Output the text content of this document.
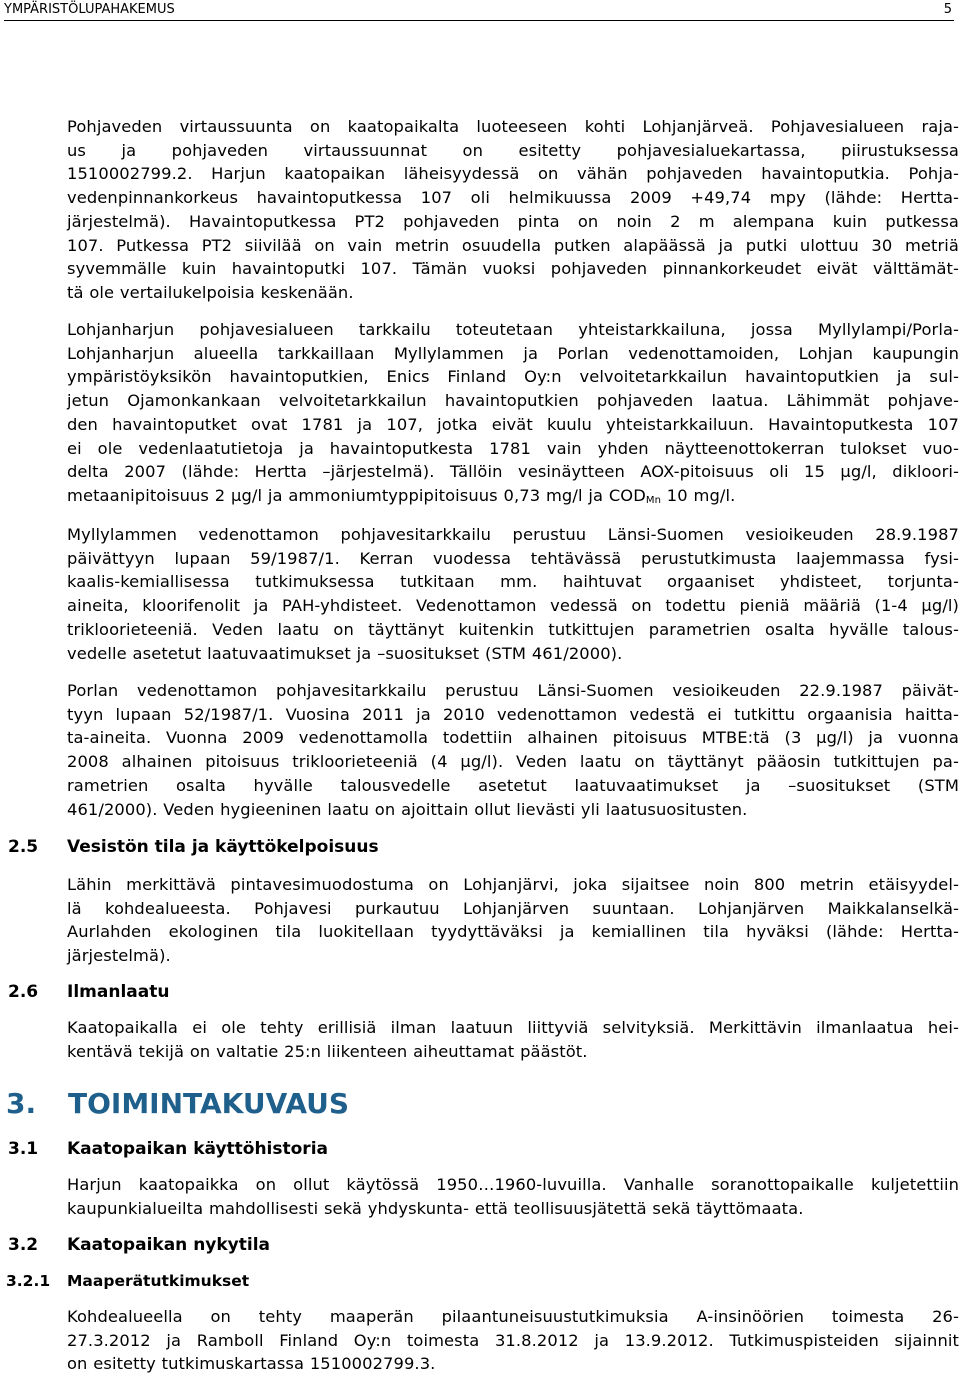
YMPÄRISTÖLUPAHAKEMUS	5
Pohjaveden virtaussuunta on kaatopaikalta luoteeseen kohti Lohjanjärveä. Pohjavesialueen raja-
us ja pohjaveden virtaussuunnat on esitetty pohjavesialuekartassa, piirustuksessa
1510002799.2. Harjun kaatopaikan läheisyydessä on vähän pohjaveden havaintoputkia. Pohja-
vedenpinnankorkeus havaintoputkessa 107 oli helmikuussa 2009 +49,74 mpy (lähde: Hertta-
järjestelmä). Havaintoputkessa PT2 pohjaveden pinta on noin 2 m alempana kuin putkessa
107. Putkessa PT2 siivilää on vain metrin osuudella putken alapäässä ja putki ulottuu 30 metriä
syvemmälle kuin havaintoputki 107. Tämän vuoksi pohjaveden pinnankorkeudet eivät välttämät-
tä ole vertailukelpoisia keskenään.
Lohjanharjun pohjavesialueen tarkkailu toteutetaan yhteistarkkailuna, jossa Myllylampi/Porla-
Lohjanharjun alueella tarkkaillaan Myllylammen ja Porlan vedenottamoiden, Lohjan kaupungin
ympäristöyksikön havaintoputkien, Enics Finland Oy:n velvoitetarkkailun havaintoputkien ja sul-
jetun Ojamonkankaan velvoitetarkkailun havaintoputkien pohjaveden laatua. Lähimmät pohjave-
den havaintoputket ovat 1781 ja 107, jotka eivät kuulu yhteistarkkailuun. Havaintoputkesta 107
ei ole vedenlaatutietoja ja havaintoputkesta 1781 vain yhden näytteenottokerran tulokset vuo-
delta 2007 (lähde: Hertta –järjestelmä). Tällöin vesinäytteen AOX-pitoisuus oli 15 µg/l, dikloori-
metaanipitoisuus 2 µg/l ja ammoniumtyppipitoisuus 0,73 mg/l ja $COD_{Mn}$ 10 mg/l.
Myllylammen vedenottamon pohjavesitarkkailu perustuu Länsi-Suomen vesioikeuden 28.9.1987
päivättyyn lupaan 59/1987/1. Kerran vuodessa tehtävässä perustutkimusta laajemmassa fysi-
kaalis-kemiallisessa tutkimuksessa tutkitaan mm. haihtuvat orgaaniset yhdisteet, torjunta-
aineita, kloorifenolit ja PAH-yhdisteet. Vedenottamon vedessä on todettu pieniä määriä (1-4 µg/l)
trikloorieteeniä. Veden laatu on täyttänyt kuitenkin tutkittujen parametrien osalta hyvälle talous-
vedelle asetetut laatuvaatimukset ja –suositukset (STM 461/2000).
Porlan vedenottamon pohjavesitarkkailu perustuu Länsi-Suomen vesioikeuden 22.9.1987 päivät-
tyyn lupaan 52/1987/1. Vuosina 2011 ja 2010 vedenottamon vedestä ei tutkittu orgaanisia haitta-
ta-aineita. Vuonna 2009 vedenottamolla todettiin alhainen pitoisuus MTBE:tä (3 µg/l) ja vuonna
2008 alhainen pitoisuus trikloorieteeniä (4 µg/l). Veden laatu on täyttänyt pääosin tutkittujen pa-
rametrien osalta hyvälle talousvedelle asetetut laatuvaatimukset ja –suositukset (STM
461/2000). Veden hygieeninen laatu on ajoittain ollut lievästi yli laatusuositusten.
2.5 Vesistön tila ja käyttökelpoisuus
Lähin merkittävä pintavesimuodostuma on Lohjanjärvi, joka sijaitsee noin 800 metrin etäisyydel-
lä kohdealueesta. Pohjavesi purkautuu Lohjanjärven suuntaan. Lohjanjärven Maikkalanselkä-
Aurlahden ekologinen tila luokitellaan tyydyttäväksi ja kemiallinen tila hyväksi (lähde: Hertta-
järjestelmä).
2.6 Ilmanlaatu
Kaatopaikalla ei ole tehty erillisiä ilman laatuun liittyviä selvityksiä. Merkittävin ilmanlaatua hei-
kentävä tekijä on valtatie 25:n liikenteen aiheuttamat päästöt.
3. TOIMINTAKUVAUS
3.1 Kaatopaikan käyttöhistoria
Harjun kaatopaikka on ollut käytössä 1950…1960-luvuilla. Vanhalle soranottopaikalle kuljetettiin
kaupunkialueilta mahdollisesti sekä yhdyskunta- että teollisuusjätettä sekä täyttömaata.
3.2 Kaatopaikan nykytila
3.2.1 Maaperätutkimukset
Kohdealueella on tehty maaperän pilaantuneisuustutkimuksia A-insinöörien toimesta 26-
27.3.2012 ja Ramboll Finland Oy:n toimesta 31.8.2012 ja 13.9.2012. Tutkimuspisteiden sijainnit
on esitetty tutkimuskartassa 1510002799.3.
